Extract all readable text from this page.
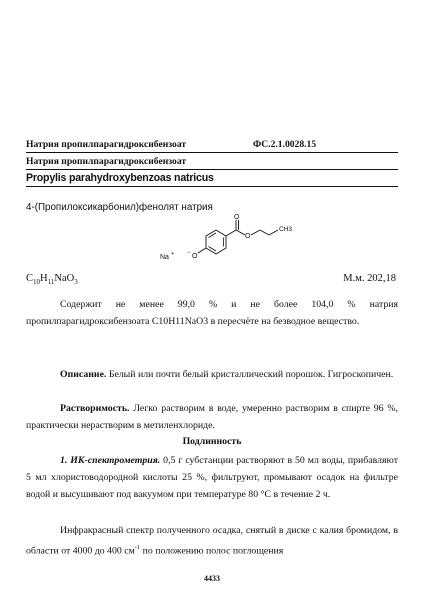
Натрия пропилпарагидроксибензоат	ФС.2.1.0028.15
Натрия пропилпарагидроксибензоат
Propylis parahydroxybenzoas natricus
4-(Пропилоксикарбонил)фенолят натрия
O
O
CH3
O
−
Na +
$C_{10}H_{11}NaO_3$	М.м. 202,18
Содержит не менее 99,0 % и не более 104,0 % натрия пропилпарагидроксибензоата C10H11NaO3 в пересчёте на безводное вещество.
Описание. Белый или почти белый кристаллический порошок. Гигроскопичен.
Растворимость. Легко растворим в воде, умеренно растворим в спирте 96 %, практически нерастворим в метиленхлориде.
Подлинность
1. ИК-спектрометрия. 0,5 г субстанции растворяют в 50 мл воды, прибавляют 5 мл хлористоводородной кислоты 25 %, фильтруют, промывают осадок на фильтре водой и высушивают под вакуумом при температуре 80 °С в течение 2 ч.
Инфракрасный спектр полученного осадка, снятый в диске с калия бромидом, в области от 4000 до 400 $см^{-1}$ по положению полос поглощения
4433
